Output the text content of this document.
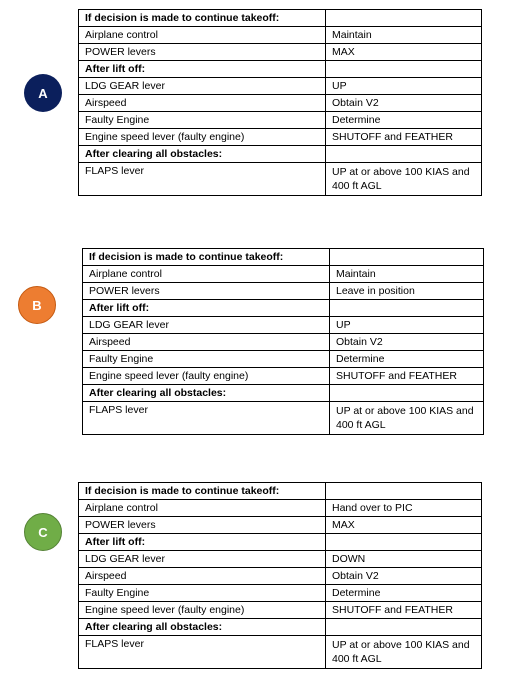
A
If decision is made to continue takeoff:	
Airplane control	Maintain
POWER levers	MAX
After lift off:	
LDG GEAR lever	UP
Airspeed	Obtain V2
Faulty Engine	Determine
Engine speed lever (faulty engine)	SHUTOFF and FEATHER
After clearing all obstacles:	
FLAPS lever	UP at or above 100 KIAS and 400 ft AGL
B
If decision is made to continue takeoff:	
Airplane control	Maintain
POWER levers	Leave in position
After lift off:	
LDG GEAR lever	UP
Airspeed	Obtain V2
Faulty Engine	Determine
Engine speed lever (faulty engine)	SHUTOFF and FEATHER
After clearing all obstacles:	
FLAPS lever	UP at or above 100 KIAS and 400 ft AGL
C
If decision is made to continue takeoff:	
Airplane control	Hand over to PIC
POWER levers	MAX
After lift off:	
LDG GEAR lever	DOWN
Airspeed	Obtain V2
Faulty Engine	Determine
Engine speed lever (faulty engine)	SHUTOFF and FEATHER
After clearing all obstacles:	
FLAPS lever	UP at or above 100 KIAS and 400 ft AGL
